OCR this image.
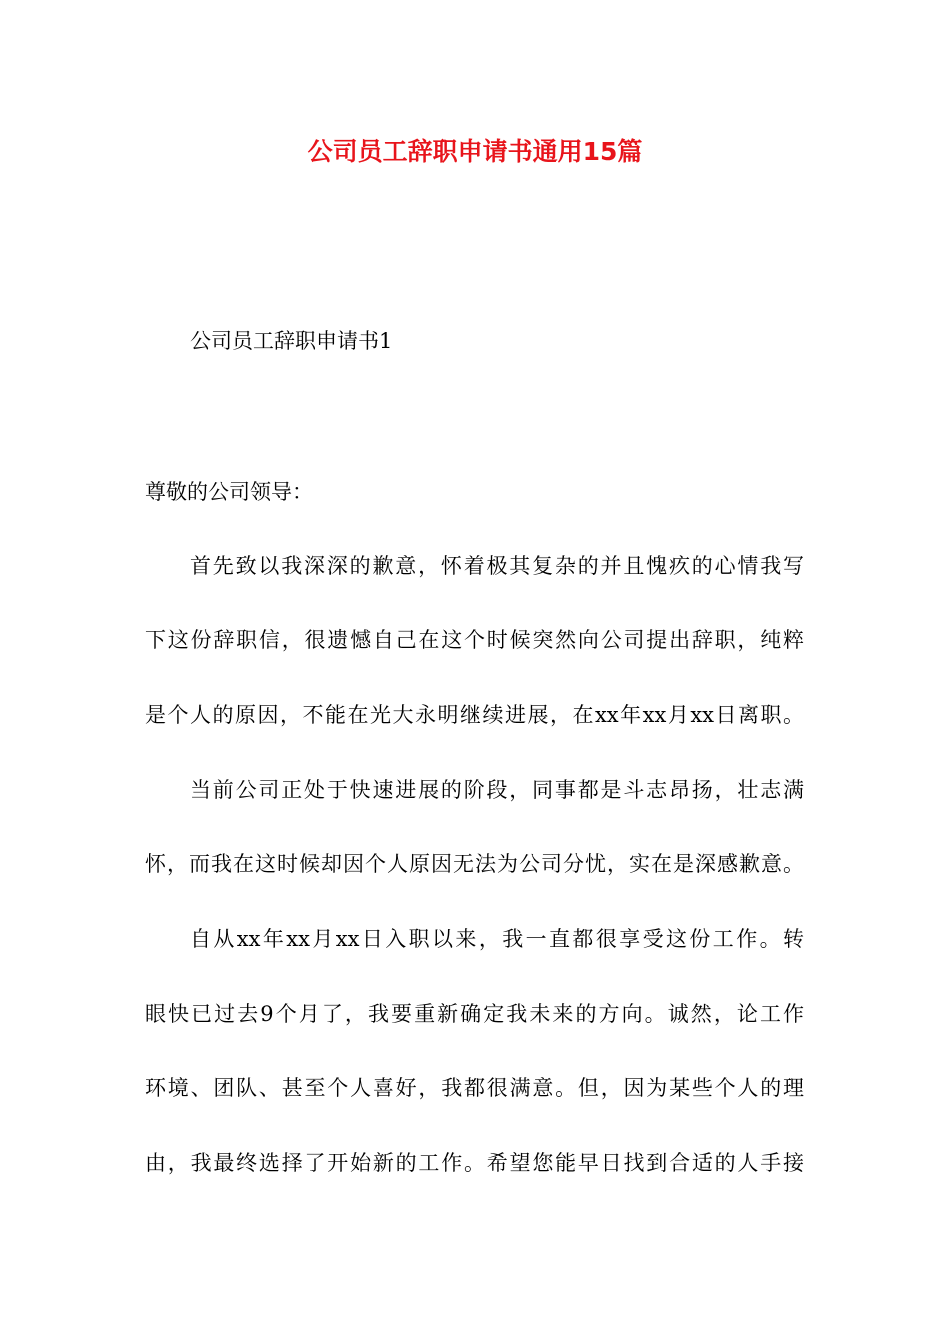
公司员工辞职申请书通用15篇

公司员工辞职申请书1

尊敬的公司领导：

首先致以我深深的歉意，怀着极其复杂的并且愧疚的心情我写
下这份辞职信，很遗憾自己在这个时候突然向公司提出辞职，纯粹
是个人的原因，不能在光大永明继续进展，在xx年xx月xx日离职。
当前公司正处于快速进展的阶段，同事都是斗志昂扬，壮志满
怀，而我在这时候却因个人原因无法为公司分忧，实在是深感歉意。
自从xx年xx月xx日入职以来，我一直都很享受这份工作。转
眼快已过去9个月了，我要重新确定我未来的方向。诚然，论工作
环境、团队、甚至个人喜好，我都很满意。但，因为某些个人的理
由，我最终选择了开始新的工作。希望您能早日找到合适的人手接
